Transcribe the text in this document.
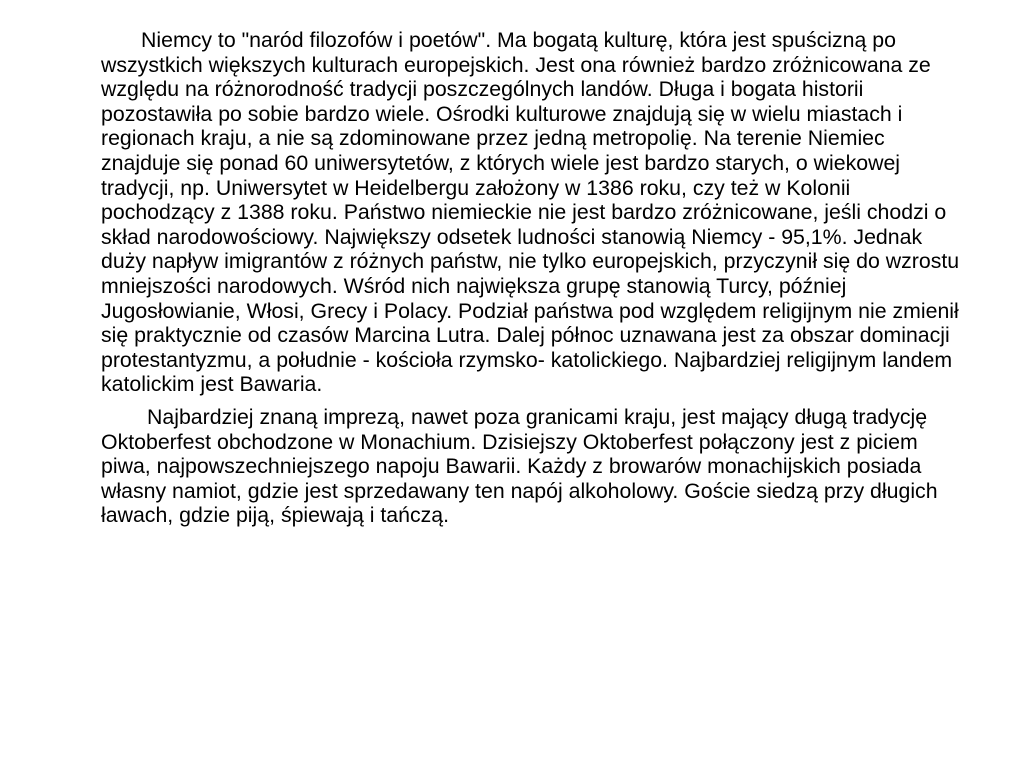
Niemcy to "naród filozofów i poetów". Ma bogatą kulturę, która jest spuścizną po wszystkich większych kulturach europejskich. Jest ona również bardzo zróżnicowana ze względu na różnorodność tradycji poszczególnych landów. Długa i bogata historii pozostawiła po sobie bardzo wiele. Ośrodki kulturowe znajdują się w wielu miastach i regionach kraju, a nie są zdominowane przez jedną metropolię. Na terenie Niemiec znajduje się ponad 60 uniwersytetów, z których wiele jest bardzo starych, o wiekowej tradycji, np. Uniwersytet w Heidelbergu założony w 1386 roku, czy też w Kolonii pochodzący z 1388 roku. Państwo niemieckie nie jest bardzo zróżnicowane, jeśli chodzi o skład narodowościowy. Największy odsetek ludności stanowią Niemcy - 95,1%. Jednak duży napływ imigrantów z różnych państw, nie tylko europejskich, przyczynił się do wzrostu mniejszości narodowych. Wśród nich największa grupę stanowią Turcy, później Jugosłowianie, Włosi, Grecy i Polacy. Podział państwa pod względem religijnym nie zmienił się praktycznie od czasów Marcina Lutra. Dalej północ uznawana jest za obszar dominacji protestantyzmu, a południe - kościoła rzymsko- katolickiego. Najbardziej religijnym landem katolickim jest Bawaria.

Najbardziej znaną imprezą, nawet poza granicami kraju, jest mający długą tradycję Oktoberfest obchodzone w Monachium. Dzisiejszy Oktoberfest połączony jest z piciem piwa, najpowszechniejszego napoju Bawarii. Każdy z browarów monachijskich posiada własny namiot, gdzie jest sprzedawany ten napój alkoholowy. Goście siedzą przy długich ławach, gdzie piją, śpiewają i tańczą.
